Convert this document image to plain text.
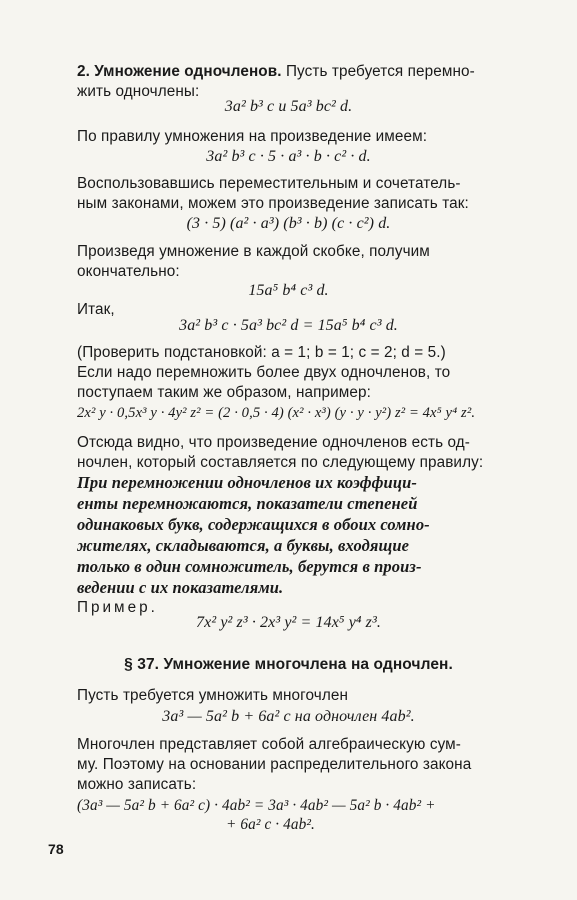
2. Умножение одночленов. Пусть требуется перемно-
жить одночлены:
3a² b³ c и 5a³ bc² d.
По правилу умножения на произведение имеем:
3a² b³ c · 5 · a³ · b · c² · d.
Воспользовавшись переместительным и сочетатель-
ным законами, можем это произведение записать так:
(3 · 5) (a² · a³) (b³ · b) (c · c²) d.
Произведя умножение в каждой скобке, получим
окончательно:
15a⁵ b⁴ c³ d.
Итак,
3a² b³ c · 5a³ bc² d = 15a⁵ b⁴ c³ d.
(Проверить подстановкой: a = 1; b = 1; c = 2; d = 5.)
Если надо перемножить более двух одночленов, то
поступаем таким же образом, например:
2x² y · 0,5x³ y · 4y² z² = (2 · 0,5 · 4) (x² · x³) (y · y · y²) z² = 4x⁵ y⁴ z².
Отсюда видно, что произведение одночленов есть од-
ночлен, который составляется по следующему правилу:
При перемножении одночленов их коэффици-
енты перемножаются, показатели степеней
одинаковых букв, содержащихся в обоих сомно-
жителях, складываются, а буквы, входящие
только в один сомножитель, берутся в произ-
ведении с их показателями.
Пример.
7x² y² z³ · 2x³ y² = 14x⁵ y⁴ z³.
§ 37. Умножение многочлена на одночлен.
Пусть требуется умножить многочлен
3a³ — 5a² b + 6a² c на одночлен 4ab².
Многочлен представляет собой алгебраическую сум-
му. Поэтому на основании распределительного закона
можно записать:
(3a³ — 5a² b + 6a² c) · 4ab² = 3a³ · 4ab² — 5a² b · 4ab² +
+ 6a² c · 4ab².
78
